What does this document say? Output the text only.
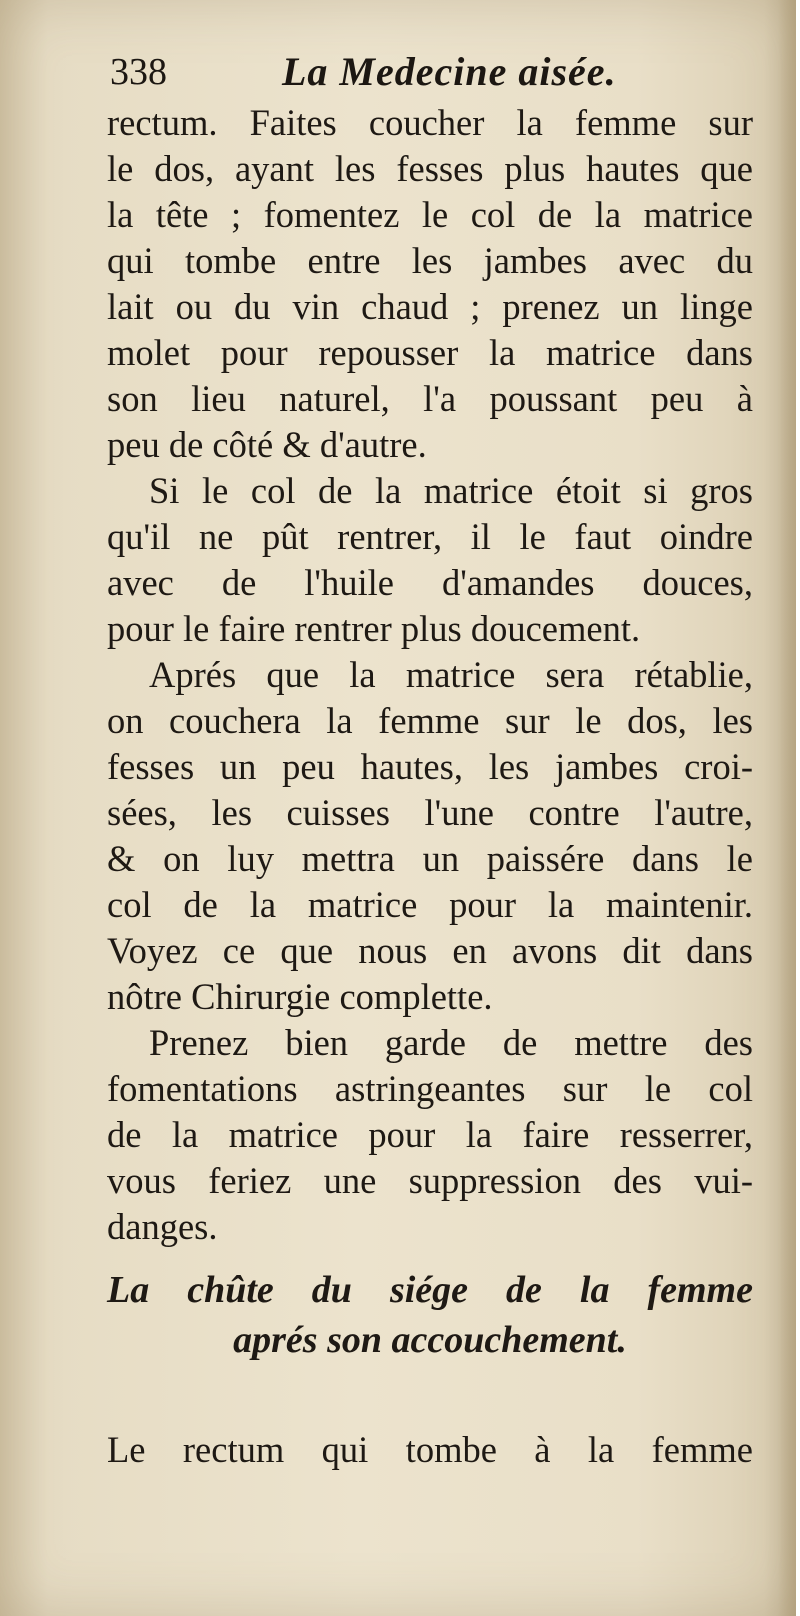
338	La Medecine aisée.
rectum. Faites coucher la femme sur
le dos, ayant les fesses plus hautes que
la tête ; fomentez le col de la matrice
qui tombe entre les jambes avec du
lait ou du vin chaud ; prenez un linge
molet pour repousser la matrice dans
son lieu naturel, l'a poussant peu à
peu de côté & d'autre.
Si le col de la matrice étoit si gros
qu'il ne pût rentrer, il le faut oindre
avec de l'huile d'amandes douces,
pour le faire rentrer plus doucement.
Aprés que la matrice sera rétablie,
on couchera la femme sur le dos, les
fesses un peu hautes, les jambes croi-
sées, les cuisses l'une contre l'autre,
& on luy mettra un paissére dans le
col de la matrice pour la maintenir.
Voyez ce que nous en avons dit dans
nôtre Chirurgie complette.
Prenez bien garde de mettre des
fomentations astringeantes sur le col
de la matrice pour la faire resserrer,
vous feriez une suppression des vui-
danges.
La chûte du siége de la femme
aprés son accouchement.
Le rectum qui tombe à la femme
